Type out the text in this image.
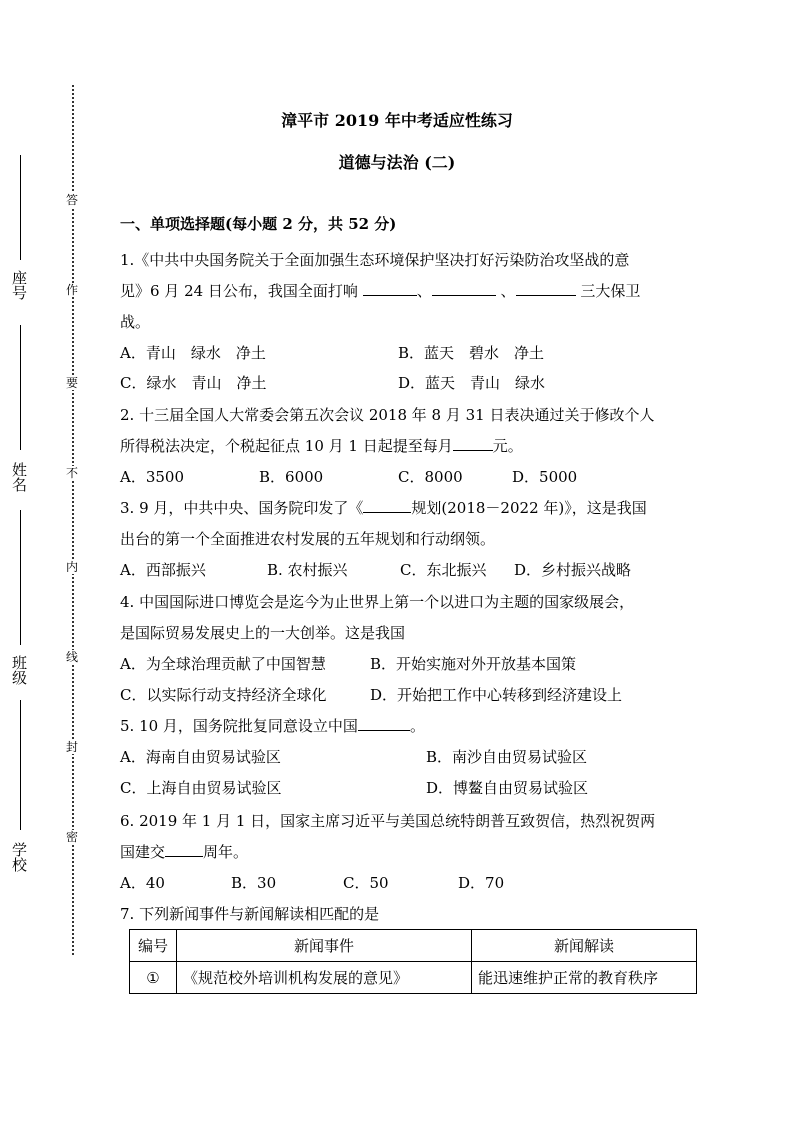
座号
姓名
班级
学校
答
作
要
不
内
线
封
密
漳平市 2019 年中考适应性练习
道德与法治 (二)
一、单项选择题(每小题 2 分，共 52 分)
1.《中共中央国务院关于全面加强生态环境保护坚决打好污染防治攻坚战的意
见》6 月 24 日公布，我国全面打响	、	、	三大保卫
战。
A．青山　绿水　净土	B．蓝天　碧水　净土
C．绿水　青山　净土	D．蓝天　青山　绿水
2. 十三届全国人大常委会第五次会议 2018 年 8 月 31 日表决通过关于修改个人
所得税法决定，个税起征点 10 月 1 日起提至每月	元。
A．3500	B．6000	C．8000	D．5000
3. 9 月，中共中央、国务院印发了《	规划(2018－2022 年)》，这是我国
出台的第一个全面推进农村发展的五年规划和行动纲领。
A．西部振兴	B. 农村振兴	C．东北振兴 D．乡村振兴战略
4. 中国国际进口博览会是迄今为止世界上第一个以进口为主题的国家级展会，
是国际贸易发展史上的一大创举。这是我国
A．为全球治理贡献了中国智慧	B．开始实施对外开放基本国策
C．以实际行动支持经济全球化	D．开始把工作中心转移到经济建设上
5. 10 月，国务院批复同意设立中国	。
A．海南自由贸易试验区	B．南沙自由贸易试验区
C．上海自由贸易试验区	D．博鳌自由贸易试验区
6. 2019 年 1 月 1 日，国家主席习近平与美国总统特朗普互致贺信，热烈祝贺两
国建交	周年。
A．40	B．30	C．50	D．70
7. 下列新闻事件与新闻解读相匹配的是
编号	新闻事件	新闻解读
①	《规范校外培训机构发展的意见》	能迅速维护正常的教育秩序
